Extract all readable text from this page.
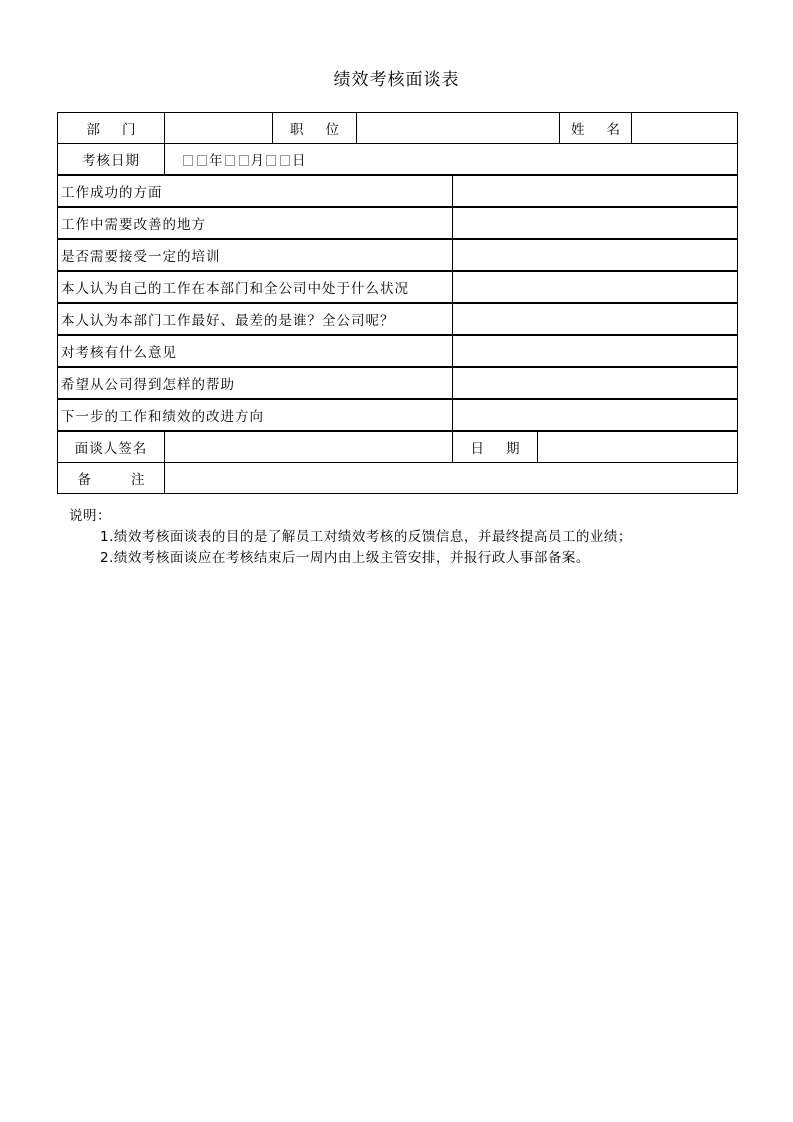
绩效考核面谈表
部 门		职 位				姓 名	
考核日期	年 月 日						
工作成功的方面							
工作中需要改善的地方							
是否需要接受一定的培训							
本人认为自己的工作在本部门和全公司中处于什么状况							
本人认为本部门工作最好、最差的是谁？全公司呢？							
对考核有什么意见							
希望从公司得到怎样的帮助							
下一步的工作和绩效的改进方向							
面谈人签名				日 期			
备 注							
说明：
1.绩效考核面谈表的目的是了解员工对绩效考核的反馈信息，并最终提高员工的业绩；
2.绩效考核面谈应在考核结束后一周内由上级主管安排，并报行政人事部备案。
